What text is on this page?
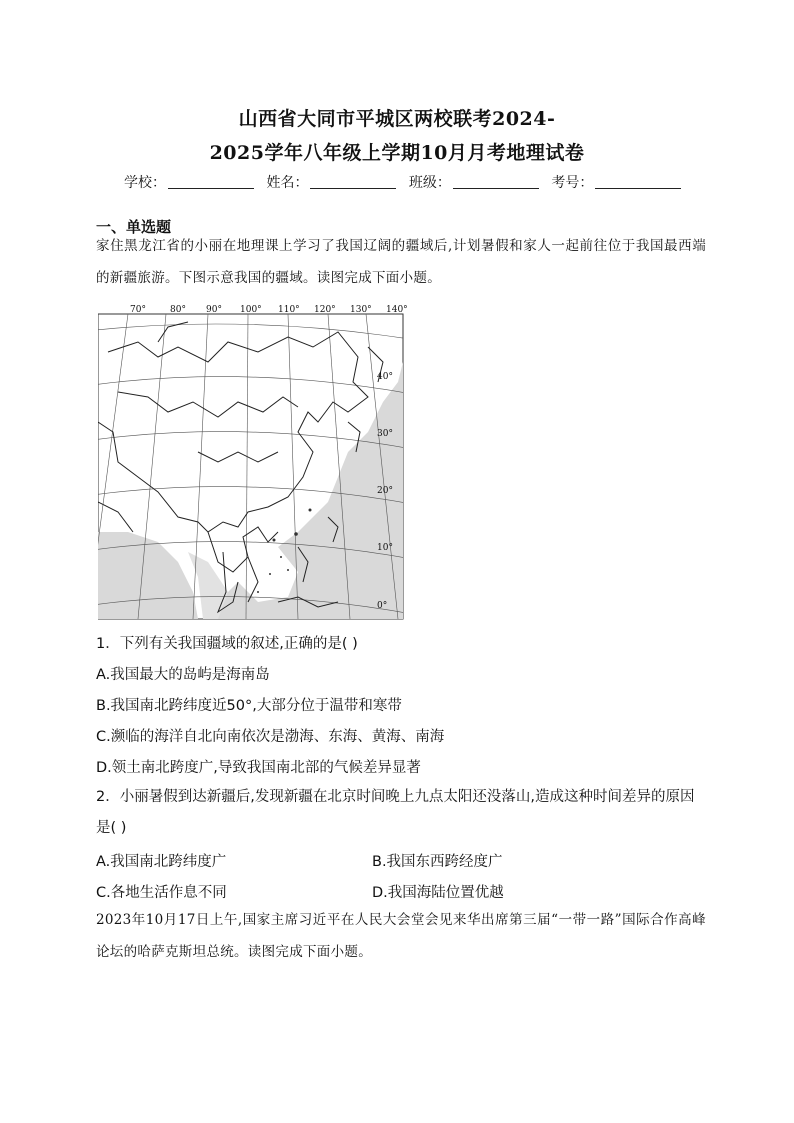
山西省大同市平城区两校联考2024-
2025学年八年级上学期10月月考地理试卷
学校：	姓名：	班级：	考号：
一、单选题
家住黑龙江省的小丽在地理课上学习了我国辽阔的疆域后,计划暑假和家人一起前往位于我国最西端的新疆旅游。下图示意我国的疆域。读图完成下面小题。
70°	80° 90° 100° 110° 120° 130° 140°
40°
30°
20°
10°
0°
1．下列有关我国疆域的叙述,正确的是( )
A.我国最大的岛屿是海南岛
B.我国南北跨纬度近50°,大部分位于温带和寒带
C.濒临的海洋自北向南依次是渤海、东海、黄海、南海
D.领土南北跨度广,导致我国南北部的气候差异显著
2．小丽暑假到达新疆后,发现新疆在北京时间晚上九点太阳还没落山,造成这种时间差异的原因是( )
A.我国南北跨纬度广	B.我国东西跨经度广
C.各地生活作息不同	D.我国海陆位置优越
2023年10月17日上午,国家主席习近平在人民大会堂会见来华出席第三届“一带一路”国际合作高峰论坛的哈萨克斯坦总统。读图完成下面小题。
